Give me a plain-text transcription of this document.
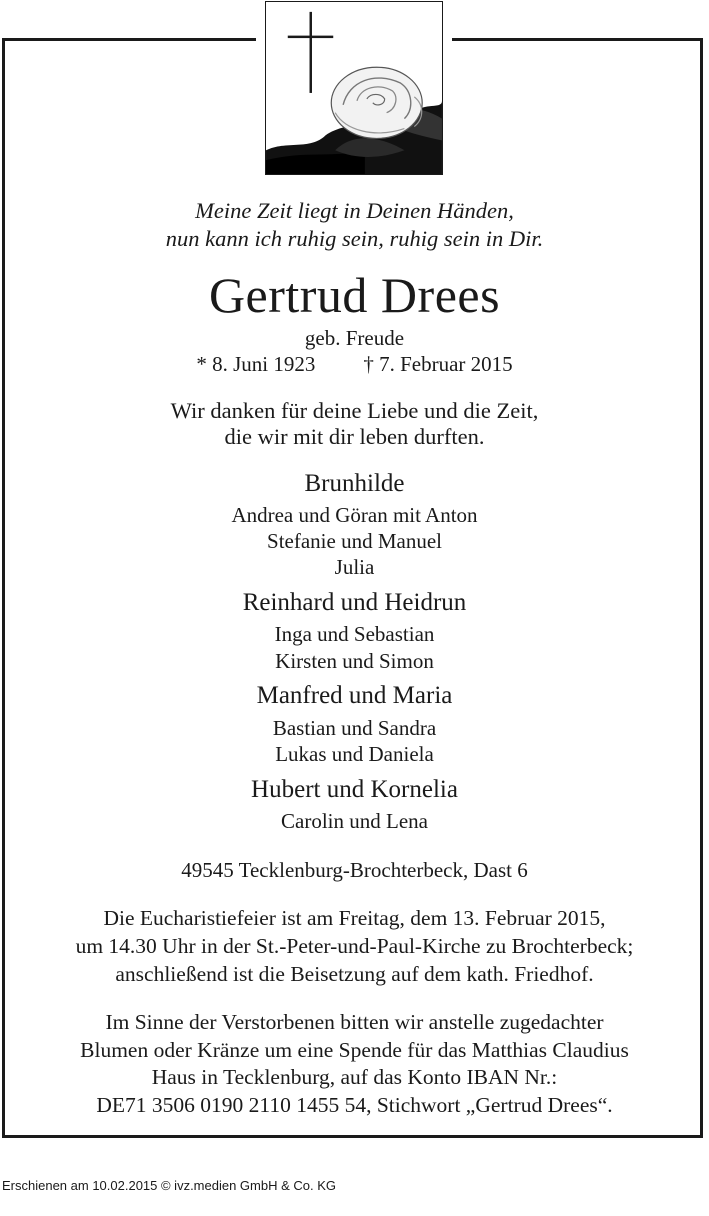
Meine Zeit liegt in Deinen Händen,
nun kann ich ruhig sein, ruhig sein in Dir.
Gertrud Drees
geb. Freude
* 8. Juni 1923 † 7. Februar 2015
Wir danken für deine Liebe und die Zeit,
die wir mit dir leben durften.
Brunhilde
Andrea und Göran mit Anton
Stefanie und Manuel
Julia
Reinhard und Heidrun
Inga und Sebastian
Kirsten und Simon
Manfred und Maria
Bastian und Sandra
Lukas und Daniela
Hubert und Kornelia
Carolin und Lena
49545 Tecklenburg-Brochterbeck, Dast 6
Die Eucharistiefeier ist am Freitag, dem 13. Februar 2015,
um 14.30 Uhr in der St.-Peter-und-Paul-Kirche zu Brochterbeck;
anschließend ist die Beisetzung auf dem kath. Friedhof.
Im Sinne der Verstorbenen bitten wir anstelle zugedachter
Blumen oder Kränze um eine Spende für das Matthias Claudius
Haus in Tecklenburg, auf das Konto IBAN Nr.:
DE71 3506 0190 2110 1455 54, Stichwort „Gertrud Drees“.
Erschienen am 10.02.2015 © ivz.medien GmbH & Co. KG
